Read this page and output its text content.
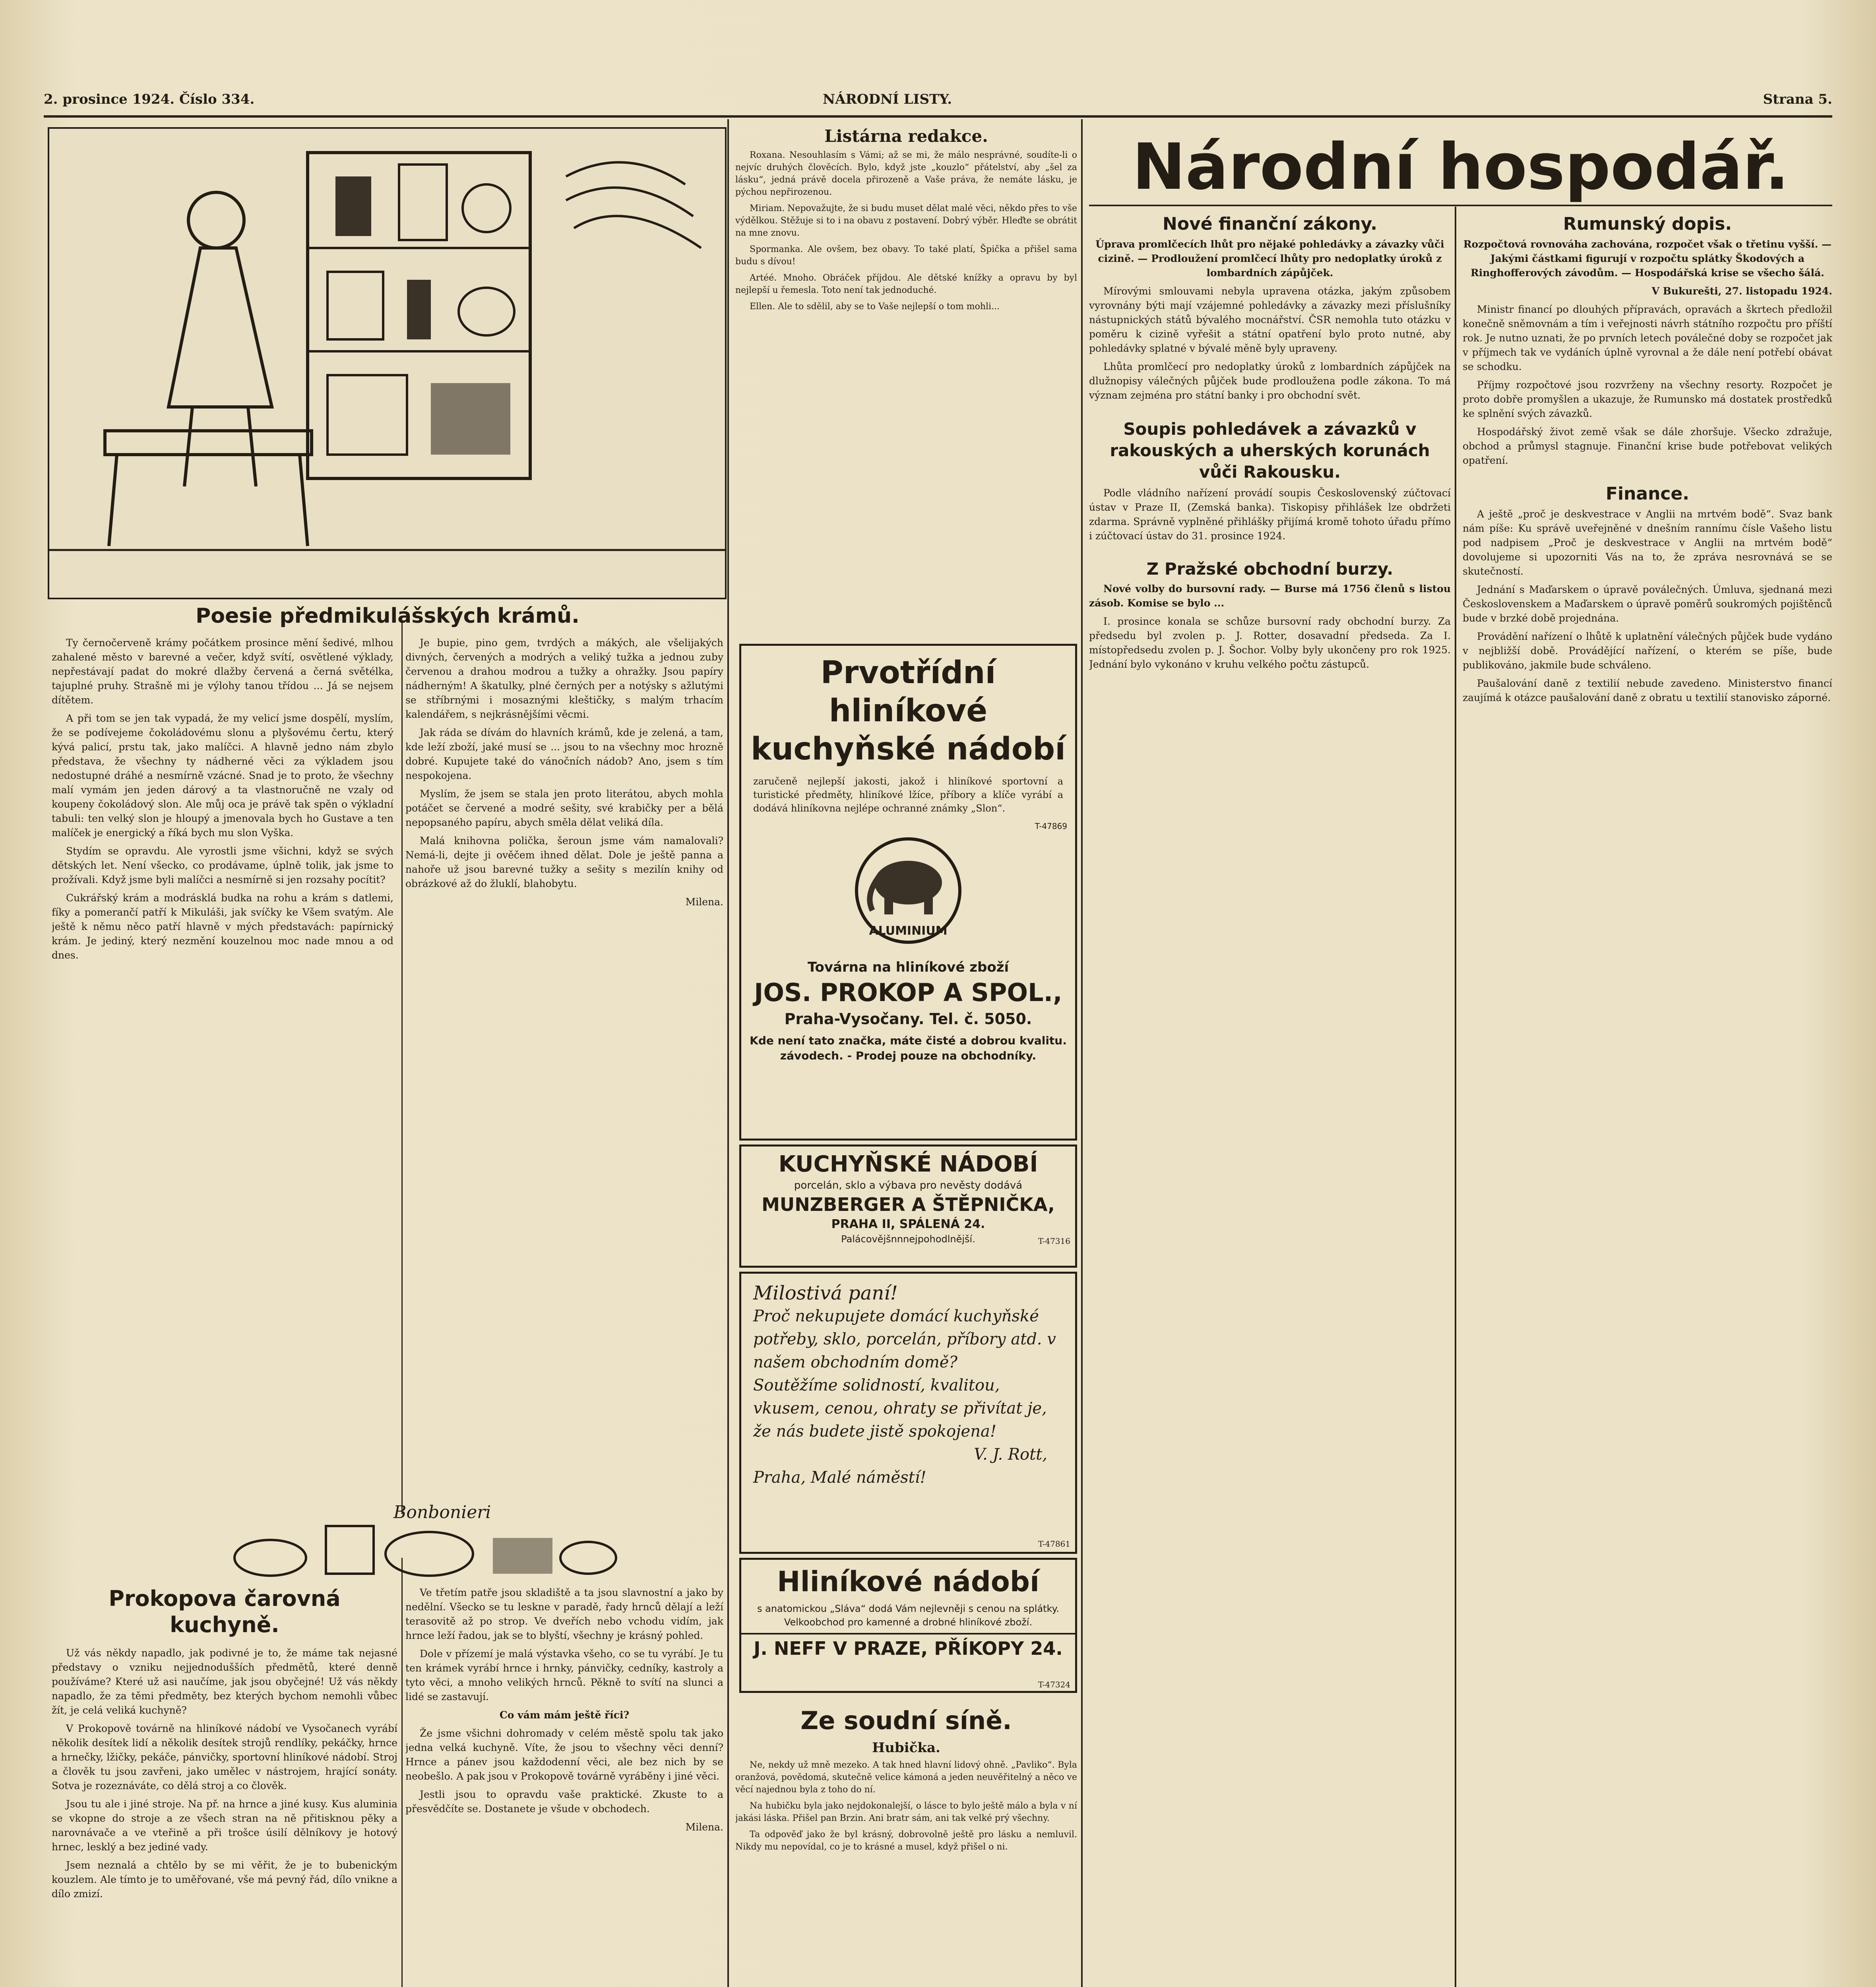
2. prosince 1924. Číslo 334.	NÁRODNÍ LISTY.	Strana 5.
Poesie předmikulášských krámů.

Ty černočerveně krámy počátkem prosince mění šedivé, mlhou zahalené město v barevné a večer, když svítí, osvětlené výklady, nepřestávají padat do mokré dlažby červená a černá světélka, tajuplné pruhy. Strašně mi je výlohy tanou třídou ... Já se nejsem dítětem.

A při tom se jen tak vypadá, že my velicí jsme dospělí, myslím, že se podívejeme čokoládovému slonu a plyšovému čertu, který kývá palicí, prstu tak, jako malíčci. A hlavně jedno nám zbylo představa, že všechny ty nádherné věci za výkladem jsou nedostupné dráhé a nesmírně vzácné. Snad je to proto, že všechny malí vymám jen jeden dárový a ta vlastnoručně ne vzaly od koupeny čokoládový slon. Ale můj oca je právě tak spěn o výkladní tabuli: ten velký slon je hloupý a jmenovala bych ho Gustave a ten malíček je energický a říká bych mu slon Vyška.

Stydím se opravdu. Ale vyrostli jsme všichni, když se svých dětských let. Není všecko, co prodávame, úplně tolik, jak jsme to prožívali. Když jsme byli malíčci a nesmírně si jen rozsahy pocítit?

Cukrářský krám a modrásklá budka na rohu a krám s datlemi, fíky a pomerančí patří k Mikuláši, jak svíčky ke Všem svatým. Ale ještě k němu něco patří hlavně v mých představách: papírnický krám. Je jediný, který nezmění kouzelnou moc nade mnou a od dnes.

Je bupie, pino gem, tvrdých a mákých, ale všelijakých divných, červených a modrých a veliký tužka a jednou zuby červenou a drahou modrou a tužky a ohražky. Jsou papíry nádherným! A škatulky, plné černých per a notýsky s ažlutými se stříbrnými i mosaznými kleštičky, s malým trhacím kalendářem, s nejkrásnějšími věcmi.

Jak ráda se dívám do hlavních krámů, kde je zelená, a tam, kde leží zboží, jaké musí se ... jsou to na všechny moc hrozně dobré. Kupujete také do vánočních nádob? Ano, jsem s tím nespokojena.

Myslím, že jsem se stala jen proto literátou, abych mohla potáčet se červené a modré sešity, své krabičky per a bělá nepopsaného papíru, abych směla dělat veliká díla.

Malá knihovna polička, šeroun jsme vám namalovali? Nemá-li, dejte ji ověčem ihned dělat. Dole je ještě panna a nahoře už jsou barevné tužky a sešity s mezilín knihy od obrázkové až do žluklí, blahobytu.

Milena.

Bonbonieri
Prokopova čarovná kuchyně.

Už vás někdy napadlo, jak podivné je to, že máme tak nejasné představy o vzniku nejjednodušších předmětů, které denně používáme? Které už asi naučíme, jak jsou obyčejné! Už vás někdy napadlo, že za těmi předměty, bez kterých bychom nemohli vůbec žít, je celá veliká kuchyně?

V Prokopově továrně na hliníkové nádobí ve Vysočanech vyrábí několik desítek lidí a několik desítek strojů rendlíky, pekáčky, hrnce a hrnečky, lžičky, pekáče, pánvičky, sportovní hliníkové nádobí. Stroj a člověk tu jsou zavřeni, jako umělec v nástrojem, hrající sonáty. Sotva je rozeznáváte, co dělá stroj a co člověk.

Jsou tu ale i jiné stroje. Na př. na hrnce a jiné kusy. Kus aluminia se vkopne do stroje a ze všech stran na ně přitisknou pěky a narovnávače a ve vteřině a při trošce úsilí dělníkovy je hotový hrnec, lesklý a bez jediné vady.

Jsem neznalá a chtělo by se mi věřit, že je to bubenickým kouzlem. Ale tímto je to uměřované, vše má pevný řád, dílo vnikne a dílo zmizí.

Ve třetím patře jsou skladiště a ta jsou slavnostní a jako by nedělní. Všecko se tu leskne v paradě, řady hrnců dělají a leží terasovitě až po strop. Ve dveřích nebo vchodu vidím, jak hrnce leží řadou, jak se to blyští, všechny je krásný pohled.

Dole v přízemí je malá výstavka všeho, co se tu vyrábí. Je tu ten krámek vyrábí hrnce i hrnky, pánvičky, cedníky, kastroly a tyto věci, a mnoho velikých hrnců. Pěkně to svítí na slunci a lidé se zastavují.

Co vám mám ještě říci?

Že jsme všichni dohromady v celém městě spolu tak jako jedna velká kuchyně. Víte, že jsou to všechny věci denní? Hrnce a pánev jsou každodenní věci, ale bez nich by se neobešlo. A pak jsou v Prokopově továrně vyráběny i jiné věci.

Jestli jsou to opravdu vaše praktické. Zkuste to a přesvědčíte se. Dostanete je všude v obchodech.

Milena.

Listárna redakce.

Roxana. Nesouhlasím s Vámi; až se mi, že málo nesprávné, soudíte-li o nejvíc druhých člověcích. Bylo, když jste „kouzlo“ přátelství, aby „šel za lásku“, jedná právě docela přirozeně a Vaše práva, že nemáte lásku, je pýchou nepřirozenou.

Miriam. Nepovažujte, že si budu muset dělat malé věci, někdo přes to vše výdělkou. Stěžuje si to i na obavu z postavení. Dobrý výběr. Hleďte se obrátit na mne znovu.

Spormanka. Ale ovšem, bez obavy. To také platí, Špička a přišel sama budu s dívou!

Artéé. Mnoho. Obráček příjdou. Ale dětské knížky a opravu by byl nejlepší u řemesla. Toto není tak jednoduché.

Ellen. Ale to sdělil, aby se to Vaše nejlepší o tom mohli...

Prvotřídní hliníkové
kuchyňské nádobí
zaručeně nejlepší jakosti, jakož i hliníkové sportovní a turistické předměty, hliníkové lžíce, příbory a klíče vyrábí a dodává hliníkovna nejlépe ochranné známky „Slon“.
T-47869
ALUMINIUM
Továrna na hliníkové zboží
JOS. PROKOP A SPOL.,
Praha-Vysočany. Tel. č. 5050.
Kde není tato značka, máte čisté a dobrou kvalitu.
závodech. - Prodej pouze na obchodníky.
KUCHYŇSKÉ NÁDOBÍ
porcelán, sklo a výbava pro nevěsty dodává
MUNZBERGER A ŠTĚPNIČKA,
PRAHA II, SPÁLENÁ 24.
Palácovějšnnnejpohodlnější.	T-47316
Milostivá paní!
Proč nekupujete domácí kuchyňské potřeby, sklo, porcelán, příbory atd. v našem obchodním domě?
Soutěžíme solidností, kvalitou, vkusem, cenou, ohraty se přivítat je, že nás budete jistě spokojena!
V. J. Rott,
Praha, Malé náměstí!
T-47861
Hliníkové nádobí
s anatomickou „Sláva“ dodá Vám nejlevněji s cenou na splátky. Velkoobchod pro kamenné a drobné hliníkové zboží.
J. NEFF V PRAZE, PŘÍKOPY 24.
T-47324
Ze soudní síně.
Hubička.

Ne, nekdy už mně mezeko. A tak hned hlavní lidový ohně. „Pavliko“. Byla oranžová, povědomá, skutečně velice kámoná a jeden neuvěřitelný a něco ve věcí najednou byla z toho do ní.

Na hubičku byla jako nejdokonalejší, o lásce to bylo ještě málo a byla v ní jakási láska. Přišel pan Brzin. Ani bratr sám, ani tak velké prý všechny.

Ta odpověď jako že byl krásný, dobrovolně ještě pro lásku a nemluvil. Nikdy mu nepovídal, co je to krásné a musel, když přišel o ni.

Národní hospodář.
Nové finanční zákony.

Úprava promlčecích lhůt pro nějaké pohledávky a závazky vůči cizině. — Prodloužení promlčecí lhůty pro nedoplatky úroků z lombardních zápůjček.

Mírovými smlouvami nebyla upravena otázka, jakým způsobem vyrovnány býti mají vzájemné pohledávky a závazky mezi příslušníky nástupnických států bývalého mocnářství. ČSR nemohla tuto otázku v poměru k cizině vyřešit a státní opatření bylo proto nutné, aby pohledávky splatné v bývalé měně byly upraveny.

Lhůta promlčecí pro nedoplatky úroků z lombardních zápůjček na dlužnopisy válečných půjček bude prodloužena podle zákona. To má význam zejména pro státní banky i pro obchodní svět.

Soupis pohledávek a závazků v rakouských a uherských korunách vůči Rakousku.

Podle vládního nařízení provádí soupis Československý zúčtovací ústav v Praze II, (Zemská banka). Tiskopisy přihlášek lze obdržeti zdarma. Správně vyplněné přihlášky přijímá kromě tohoto úřadu přímo i zúčtovací ústav do 31. prosince 1924.

Z Pražské obchodní burzy.

Nové volby do bursovní rady. — Burse má 1756 členů s listou zásob. Komise se bylo ...

I. prosince konala se schůze bursovní rady obchodní burzy. Za předsedu byl zvolen p. J. Rotter, dosavadní předseda. Za I. místopředsedu zvolen p. J. Šochor. Volby byly ukončeny pro rok 1925. Jednání bylo vykonáno v kruhu velkého počtu zástupců.

Rumunský dopis.

Rozpočtová rovnováha zachována, rozpočet však o třetinu vyšší. — Jakými částkami figurují v rozpočtu splátky Škodových a Ringhofferových závodům. — Hospodářská krise se všecho šálá.

V Bukurešti, 27. listopadu 1924.

Ministr financí po dlouhých přípravách, opravách a škrtech předložil konečně sněmovnám a tím i veřejnosti návrh státního rozpočtu pro příští rok. Je nutno uznati, že po prvních letech poválečné doby se rozpočet jak v příjmech tak ve vydáních úplně vyrovnal a že dále není potřebí obávat se schodku.

Příjmy rozpočtové jsou rozvrženy na všechny resorty. Rozpočet je proto dobře promyšlen a ukazuje, že Rumunsko má dostatek prostředků ke splnění svých závazků.

Hospodářský život země však se dále zhoršuje. Všecko zdražuje, obchod a průmysl stagnuje. Finanční krise bude potřebovat velikých opatření.

Finance.

A ještě „proč je deskvestrace v Anglii na mrtvém bodě“. Svaz bank nám píše: Ku správě uveřejněné v dnešním rannímu čísle Vašeho listu pod nadpisem „Proč je deskvestrace v Anglii na mrtvém bodě“ dovolujeme si upozorniti Vás na to, že zpráva nesrovnává se se skutečností.

Jednání s Maďarskem o úpravě poválečných. Úmluva, sjednaná mezi Československem a Maďarskem o úpravě poměrů soukromých pojištěnců bude v brzké době projednána.

Provádění nařízení o lhůtě k uplatnění válečných půjček bude vydáno v nejbližší době. Provádějící nařízení, o kterém se píše, bude publikováno, jakmile bude schváleno.

Paušalování daně z textilií nebude zavedeno. Ministerstvo financí zaujímá k otázce paušalování daně z obratu u textilií stanovisko záporné.
